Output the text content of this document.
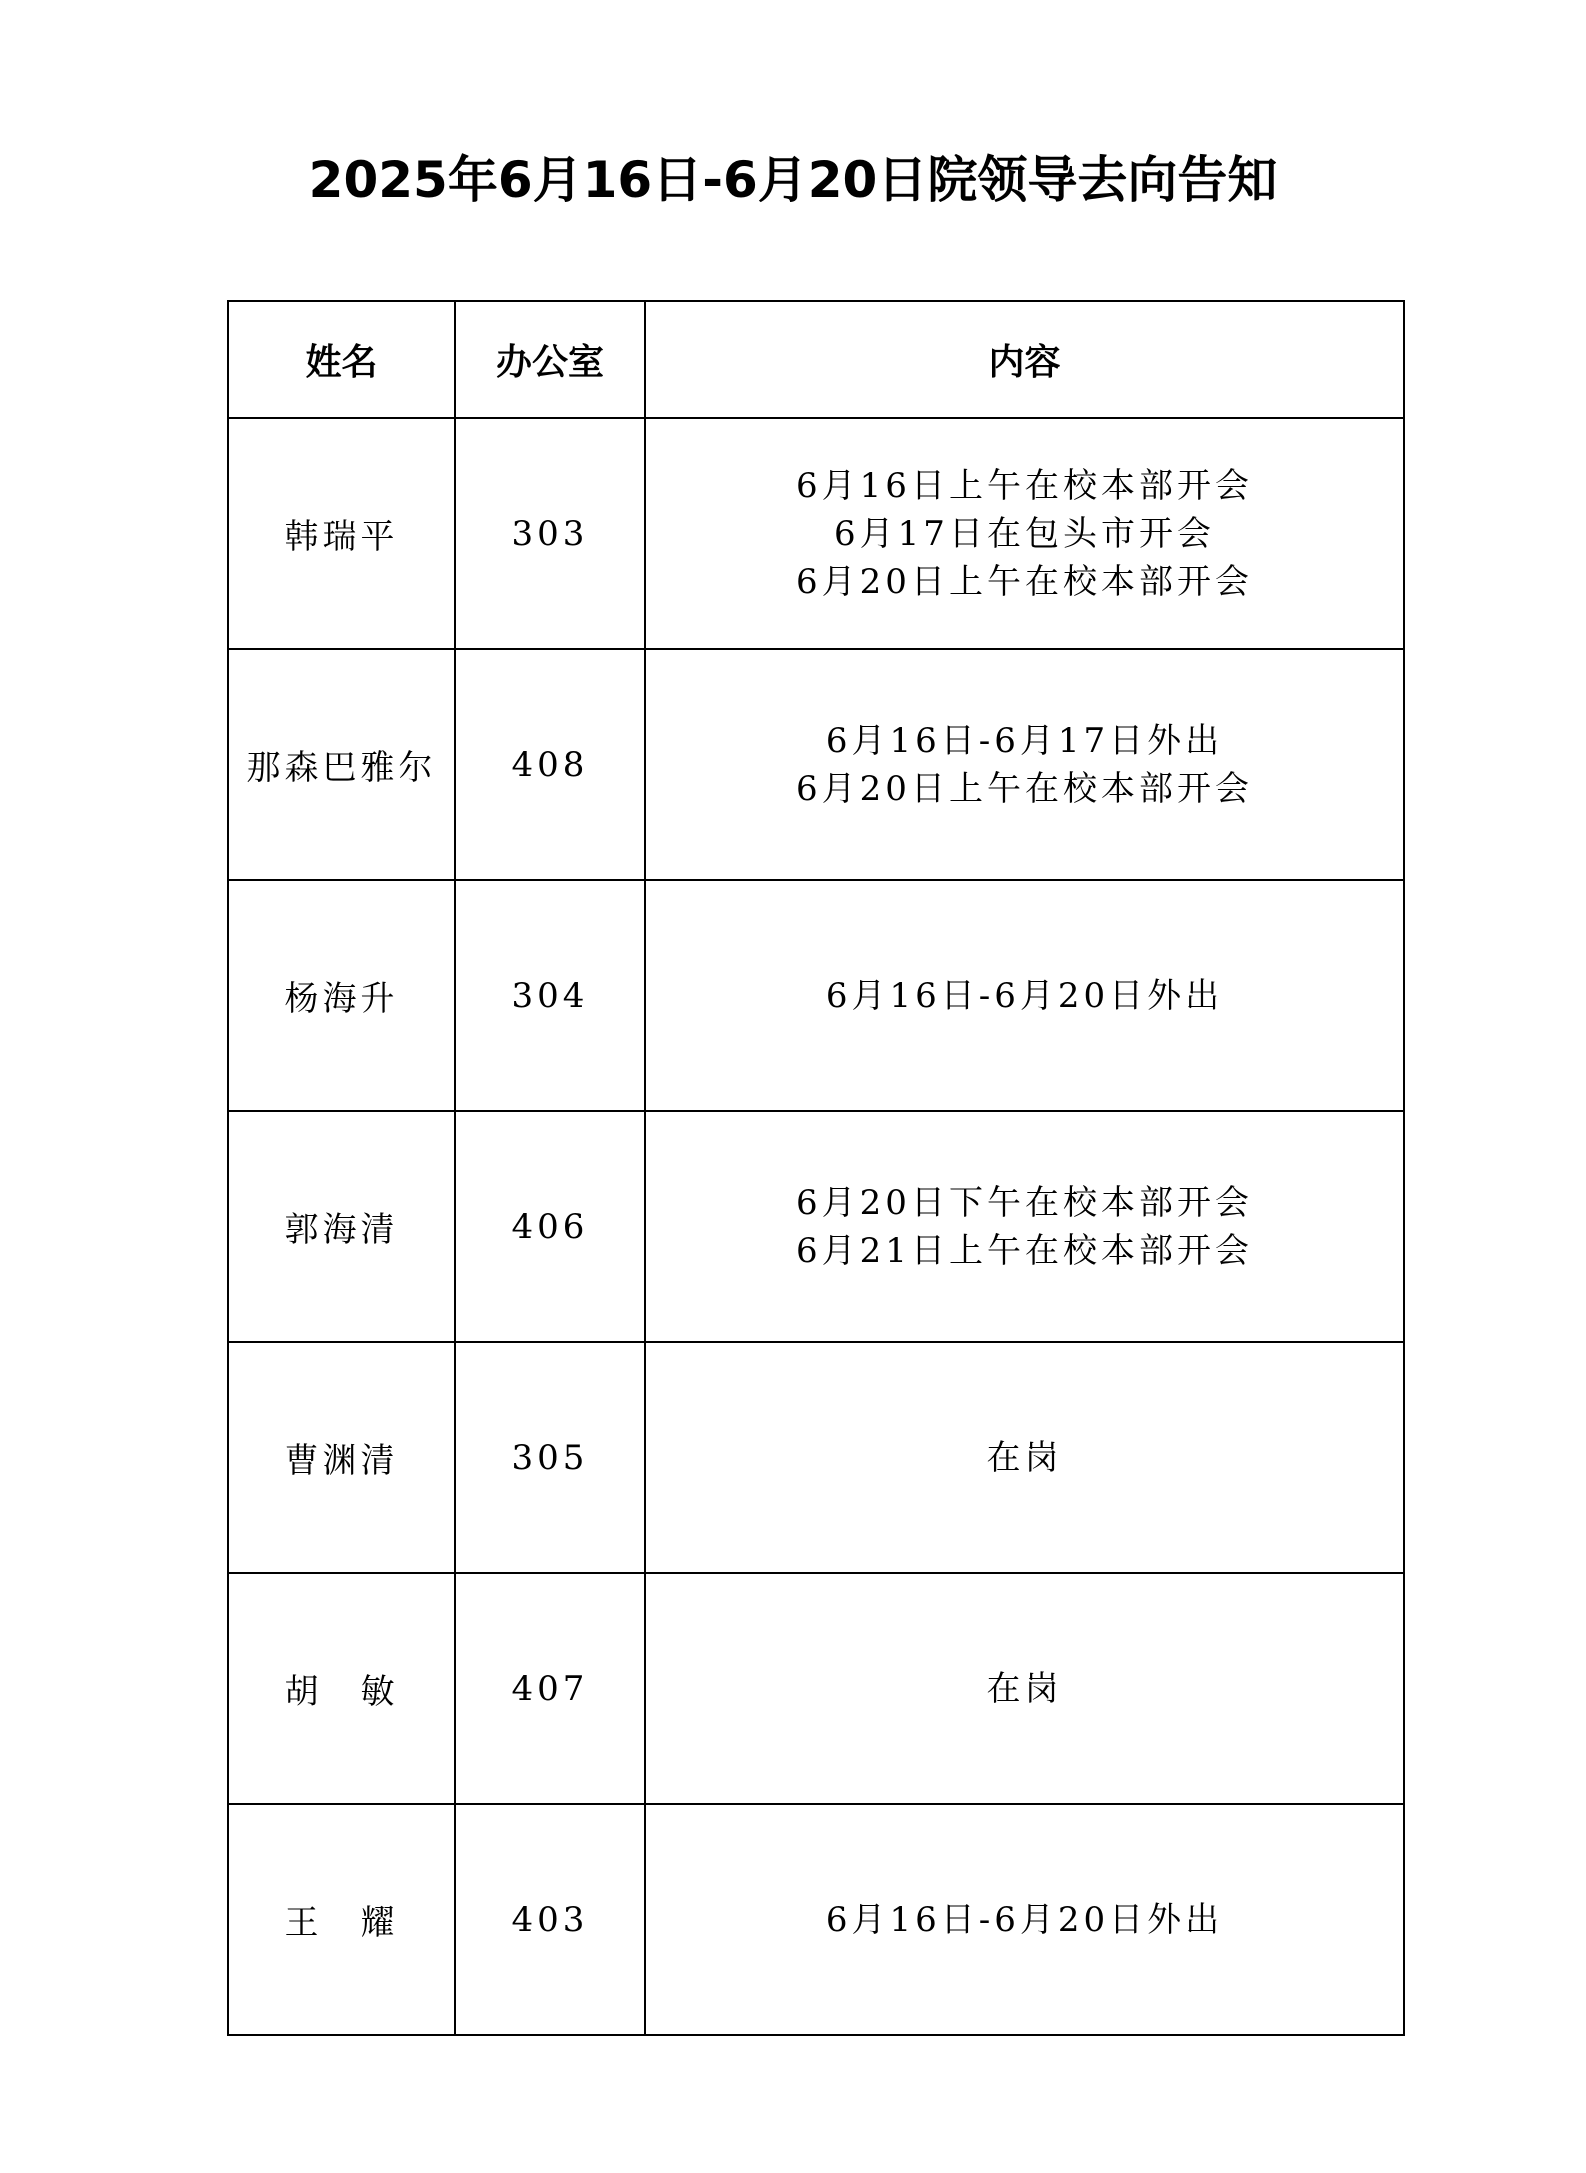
2025年6月16日-6月20日院领导去向告知
姓名	办公室	内容
韩瑞平	303	6月16日上午在校本部开会
6月17日在包头市开会
6月20日上午在校本部开会

那森巴雅尔	408	6月16日-6月17日外出
6月20日上午在校本部开会

杨海升	304	6月16日-6月20日外出

郭海清	406	6月20日下午在校本部开会
6月21日上午在校本部开会

曹渊清	305	在岗

胡　敏	407	在岗

王　耀	403	6月16日-6月20日外出
